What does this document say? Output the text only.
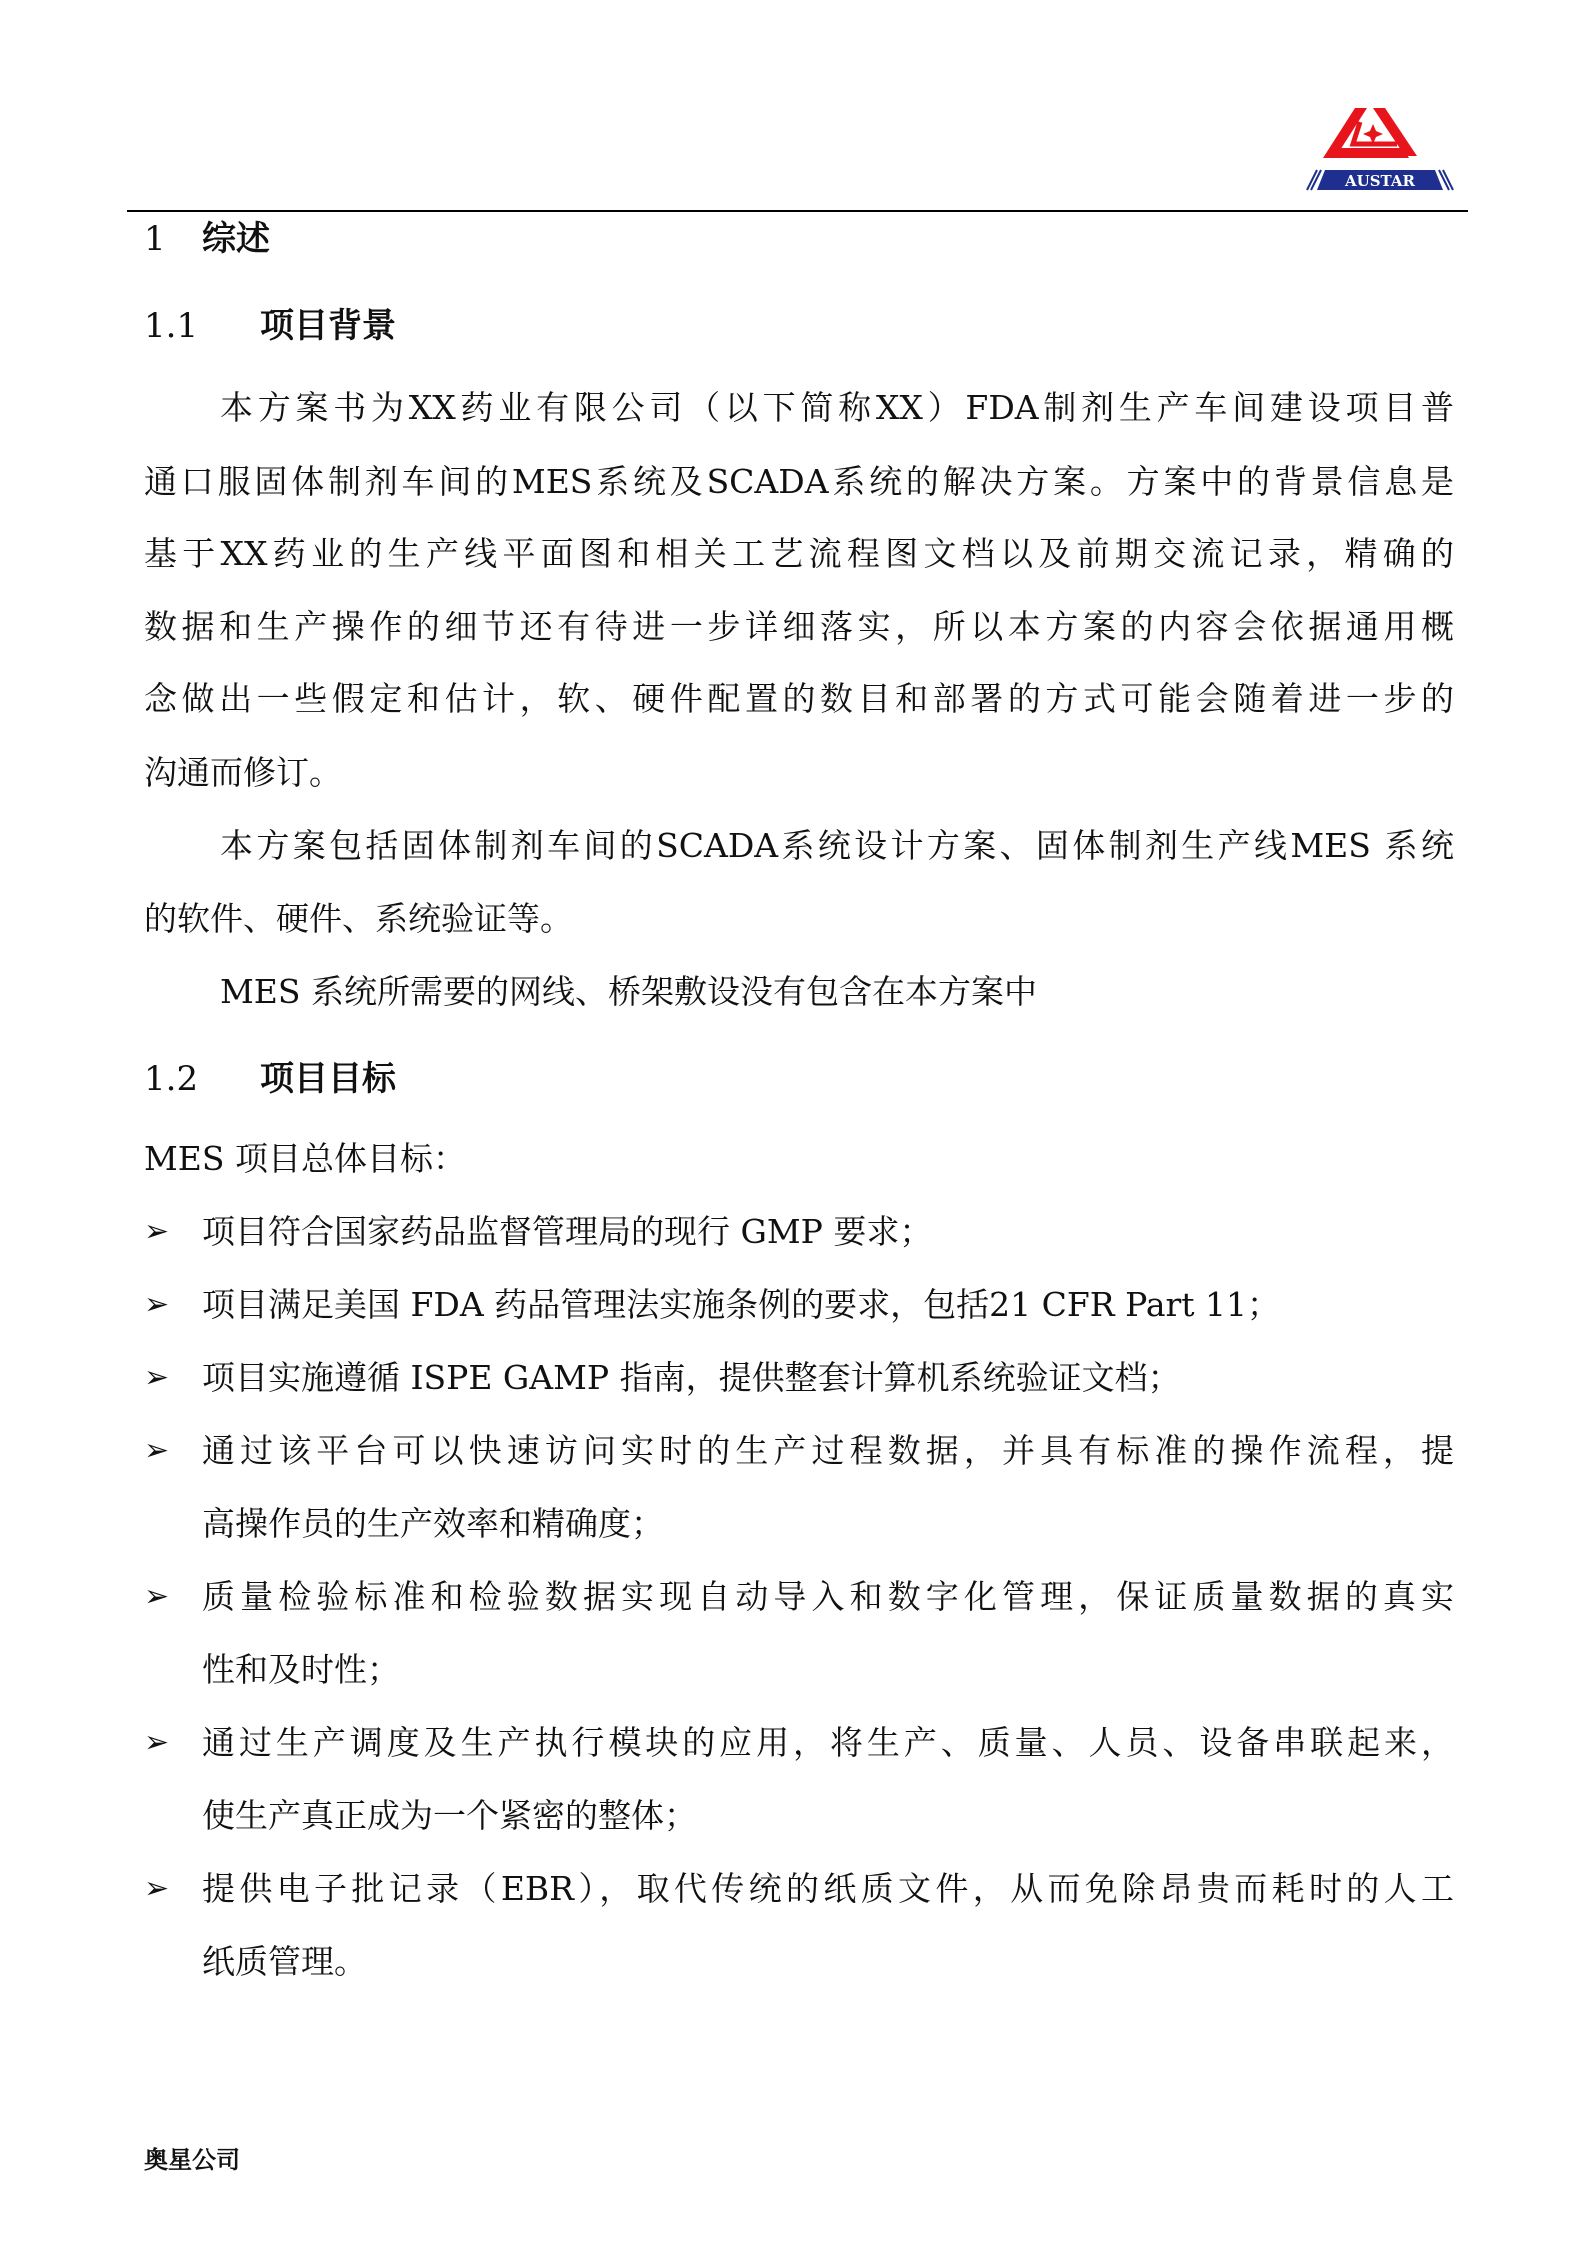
AUSTAR
1 综述
1.1 项目背景
本方案书为XX药业有限公司（以下简称XX）FDA制剂生产车间建设项目普
通口服固体制剂车间的MES系统及SCADA系统的解决方案。方案中的背景信息是
基于XX药业的生产线平面图和相关工艺流程图文档以及前期交流记录，精确的
数据和生产操作的细节还有待进一步详细落实，所以本方案的内容会依据通用概
念做出一些假定和估计，软、硬件配置的数目和部署的方式可能会随着进一步的
沟通而修订。
本方案包括固体制剂车间的SCADA系统设计方案、固体制剂生产线MES 系统
的软件、硬件、系统验证等。
MES 系统所需要的网线、桥架敷设没有包含在本方案中
1.2 项目目标
MES 项目总体目标：
➢ 项目符合国家药品监督管理局的现行 GMP 要求；
➢ 项目满足美国 FDA 药品管理法实施条例的要求，包括21 CFR Part 11；
➢ 项目实施遵循 ISPE GAMP 指南，提供整套计算机系统验证文档；
➢ 通过该平台可以快速访问实时的生产过程数据，并具有标准的操作流程，提
高操作员的生产效率和精确度；
➢ 质量检验标准和检验数据实现自动导入和数字化管理，保证质量数据的真实
性和及时性；
➢ 通过生产调度及生产执行模块的应用，将生产、质量、人员、设备串联起来，
使生产真正成为一个紧密的整体；
➢ 提供电子批记录（EBR），取代传统的纸质文件，从而免除昂贵而耗时的人工
纸质管理。
奥星公司
